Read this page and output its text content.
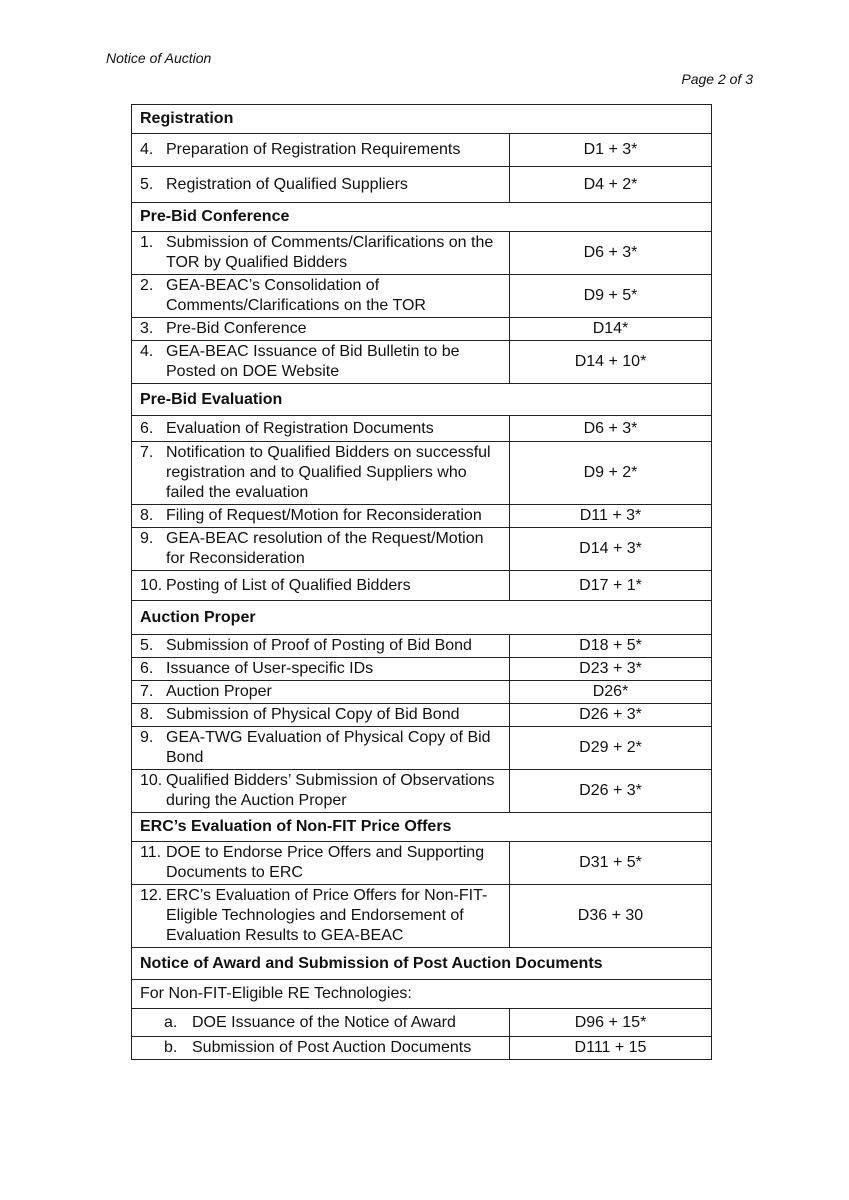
Notice of Auction
Page 2 of 3
Registration	

4. Preparation of Registration Requirements	D1 + 3*

5. Registration of Qualified Suppliers	D4 + 2*
Pre-Bid Conference	

1. Submission of Comments/Clarifications on the TOR by Qualified Bidders	D6 + 3*

2. GEA-BEAC’s Consolidation of Comments/Clarifications on the TOR	D9 + 5*

3. Pre-Bid Conference	D14*

4. GEA-BEAC Issuance of Bid Bulletin to be Posted on DOE Website	D14 + 10*
Pre-Bid Evaluation	

6. Evaluation of Registration Documents	D6 + 3*

7. Notification to Qualified Bidders on successful registration and to Qualified Suppliers who failed the evaluation	D9 + 2*

8. Filing of Request/Motion for Reconsideration	D11 + 3*

9. GEA-BEAC resolution of the Request/Motion for Reconsideration	D14 + 3*

10. Posting of List of Qualified Bidders	D17 + 1*
Auction Proper	

5. Submission of Proof of Posting of Bid Bond	D18 + 5*

6. Issuance of User-specific IDs	D23 + 3*

7. Auction Proper	D26*

8. Submission of Physical Copy of Bid Bond	D26 + 3*

9. GEA-TWG Evaluation of Physical Copy of Bid Bond	D29 + 2*

10. Qualified Bidders’ Submission of Observations during the Auction Proper	D26 + 3*
ERC’s Evaluation of Non-FIT Price Offers	

11. DOE to Endorse Price Offers and Supporting Documents to ERC	D31 + 5*

12. ERC’s Evaluation of Price Offers for Non-FIT-Eligible Technologies and Endorsement of Evaluation Results to GEA-BEAC	D36 + 30
Notice of Award and Submission of Post Auction Documents	
For Non-FIT-Eligible RE Technologies:	

a. DOE Issuance of the Notice of Award	D96 + 15*

b. Submission of Post Auction Documents	D111 + 15
